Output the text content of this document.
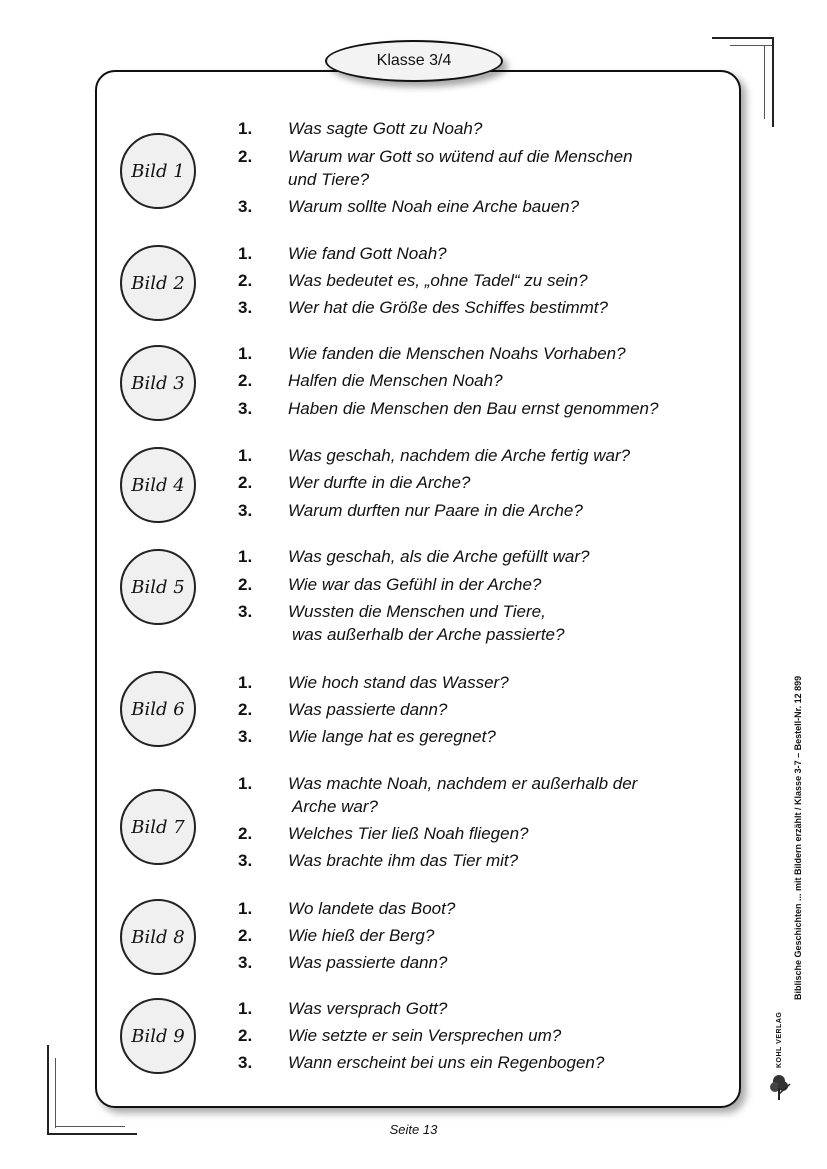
Klasse 3/4
Bild 1
1. Was sagte Gott zu Noah?
2. Warum war Gott so wütend auf die Menschen
und Tiere?
3. Warum sollte Noah eine Arche bauen?
Bild 2
1. Wie fand Gott Noah?
2. Was bedeutet es, „ohne Tadel“ zu sein?
3. Wer hat die Größe des Schiffes bestimmt?
Bild 3
1. Wie fanden die Menschen Noahs Vorhaben?
2. Halfen die Menschen Noah?
3. Haben die Menschen den Bau ernst genommen?
Bild 4
1. Was geschah, nachdem die Arche fertig war?
2. Wer durfte in die Arche?
3. Warum durften nur Paare in die Arche?
Bild 5
1. Was geschah, als die Arche gefüllt war?
2. Wie war das Gefühl in der Arche?
3. Wussten die Menschen und Tiere,
was außerhalb der Arche passierte?
Bild 6
1. Wie hoch stand das Wasser?
2. Was passierte dann?
3. Wie lange hat es geregnet?
Bild 7
1. Was machte Noah, nachdem er außerhalb der
Arche war?
2. Welches Tier ließ Noah fliegen?
3. Was brachte ihm das Tier mit?
Bild 8
1. Wo landete das Boot?
2. Wie hieß der Berg?
3. Was passierte dann?
Bild 9
1. Was versprach Gott?
2. Wie setzte er sein Versprechen um?
3. Wann erscheint bei uns ein Regenbogen?
Seite 13
Biblische Geschichten ... mit Bildern erzählt / Klasse 3-7 – Bestell-Nr. 12 899
KOHL VERLAG
